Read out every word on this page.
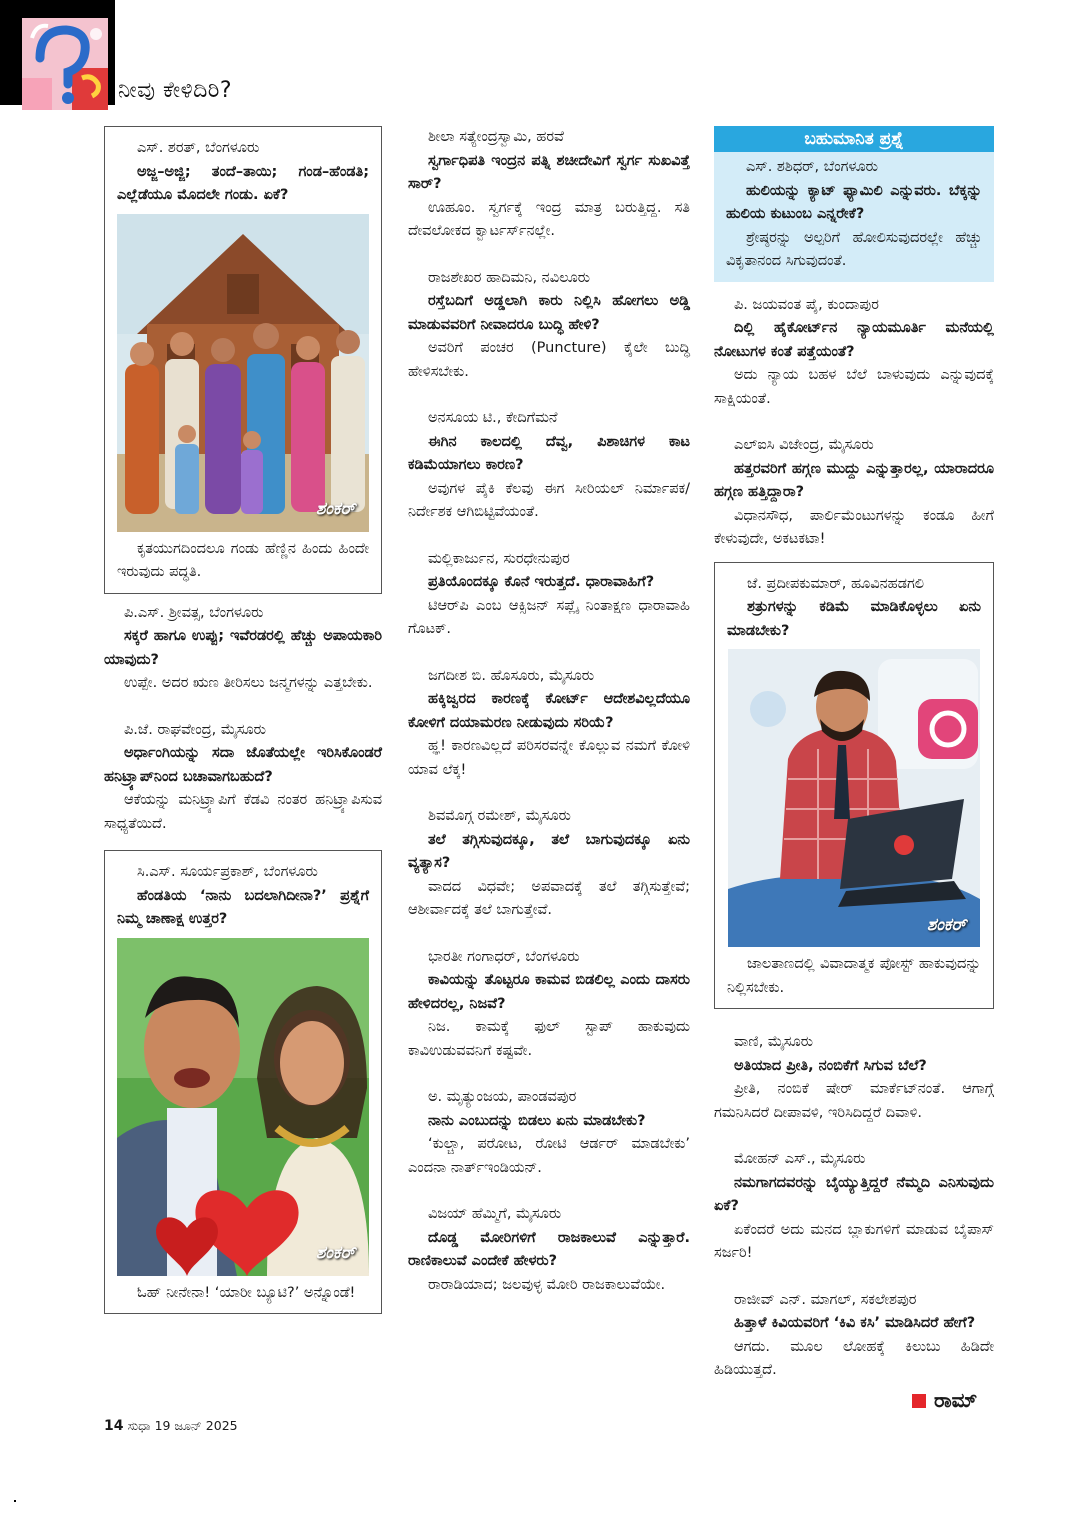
ನೀವು ಕೇಳಿದಿರಿ?
ಎಸ್. ಶರತ್, ಬೆಂಗಳೂರು
ಅಜ್ಜ–ಅಜ್ಜಿ; ತಂದೆ–ತಾಯಿ; ಗಂಡ–ಹೆಂಡತಿ; ಎಲ್ಲೆಡೆಯೂ ಮೊದಲೇ ಗಂಡು. ಏಕೆ?
ಶಂಕರ್
ಕೃತಯುಗದಿಂದಲೂ ಗಂಡು ಹೆಣ್ಣಿನ ಹಿಂದು ಹಿಂದೇ ಇರುವುದು ಪದ್ಧತಿ.
ಪಿ.ಎಸ್. ಶ್ರೀವತ್ಸ, ಬೆಂಗಳೂರು
ಸಕ್ಕರೆ ಹಾಗೂ ಉಪ್ಪು; ಇವೆರಡರಲ್ಲಿ ಹೆಚ್ಚು ಅಪಾಯಕಾರಿ ಯಾವುದು?
ಉಪ್ಪೇ. ಅದರ ಋಣ ತೀರಿಸಲು ಜನ್ಮಗಳನ್ನು ಎತ್ತಬೇಕು.
ಪಿ.ಜೆ. ರಾಘವೇಂದ್ರ, ಮೈಸೂರು
ಅರ್ಧಾಂಗಿಯನ್ನು ಸದಾ ಜೊತೆಯಲ್ಲೇ ಇರಿಸಿಕೊಂಡರೆ ಹನಿಟ್ರ್ಯಾಪ್‌ನಿಂದ ಬಚಾವಾಗಬಹುದೆ?
ಆಕೆಯನ್ನು ಮನಿಟ್ರ್ಯಾಪಿಗೆ ಕೆಡವಿ ನಂತರ ಹನಿಟ್ರ್ಯಾಪಿಸುವ ಸಾಧ್ಯತೆಯಿದೆ.
ಸಿ.ಎಸ್. ಸೂರ್ಯಪ್ರಕಾಶ್, ಬೆಂಗಳೂರು
ಹೆಂಡತಿಯ ‘ನಾನು ಬದಲಾಗಿದೀನಾ?’ ಪ್ರಶ್ನೆಗೆ ನಿಮ್ಮ ಚಾಣಾಕ್ಷ ಉತ್ತರ?
ಶಂಕರ್
ಓಹ್ ನೀನೇನಾ! ‘ಯಾರೀ ಬ್ಯೂಟಿ?’ ಅನ್ನೊಂಡೆ!
ಶೀಲಾ ಸತ್ಯೇಂದ್ರಸ್ವಾಮಿ, ಹರವೆ
ಸ್ವರ್ಗಾಧಿಪತಿ ಇಂದ್ರನ ಪತ್ನಿ ಶಚೀದೇವಿಗೆ ಸ್ವರ್ಗ ಸುಖವಿತ್ತೆ ಸಾರ್?
ಊಹೂಂ. ಸ್ವರ್ಗಕ್ಕೆ ಇಂದ್ರ ಮಾತ್ರ ಬರುತ್ತಿದ್ದ. ಸತಿ ದೇವಲೋಕದ ಕ್ವಾರ್ಟರ್ಸ್‌ನಲ್ಲೇ.
ರಾಜಶೇಖರ ಹಾದಿಮನಿ, ನವಿಲೂರು
ರಸ್ತೆಬದಿಗೆ ಅಡ್ಡಲಾಗಿ ಕಾರು ನಿಲ್ಲಿಸಿ ಹೋಗಲು ಅಡ್ಡಿ ಮಾಡುವವರಿಗೆ ನೀವಾದರೂ ಬುದ್ಧಿ ಹೇಳಿ?
ಅವರಿಗೆ ಪಂಚರ (Puncture) ಕೈಲೇ ಬುದ್ಧಿ ಹೇಳಿಸಬೇಕು.
ಅನಸೂಯ ಟಿ., ಕೇದಿಗೆಮನೆ
ಈಗಿನ ಕಾಲದಲ್ಲಿ ದೆವ್ವ, ಪಿಶಾಚಿಗಳ ಕಾಟ ಕಡಿಮೆಯಾಗಲು ಕಾರಣ?
ಅವುಗಳ ಪೈಕಿ ಕೆಲವು ಈಗ ಸೀರಿಯಲ್ ನಿರ್ಮಾಪಕ/ನಿರ್ದೇಶಕ ಆಗಿಬಿಟ್ಟಿವೆಯಂತೆ.
ಮಲ್ಲಿಕಾರ್ಜುನ, ಸುರಧೇನುಪುರ
ಪ್ರತಿಯೊಂದಕ್ಕೂ ಕೊನೆ ಇರುತ್ತದೆ. ಧಾರಾವಾಹಿಗೆ?
ಟಿಆರ್‌ಪಿ ಎಂಬ ಆಕ್ಸಿಜನ್ ಸಪ್ಲೈ ನಿಂತಾಕ್ಷಣ ಧಾರಾವಾಹಿ ಗೊಟಕ್.
ಜಗದೀಶ ಬಿ. ಹೊಸೂರು, ಮೈಸೂರು
ಹಕ್ಕಿಜ್ವರದ ಕಾರಣಕ್ಕೆ ಕೋರ್ಟ್ ಆದೇಶವಿಲ್ಲದೆಯೂ ಕೋಳಿಗೆ ದಯಾಮರಣ ನೀಡುವುದು ಸರಿಯೆ?
ಹ್ಞ! ಕಾರಣವಿಲ್ಲದೆ ಪರಿಸರವನ್ನೇ ಕೊಲ್ಲುವ ನಮಗೆ ಕೋಳಿ ಯಾವ ಲೆಕ್ಕ!
ಶಿವಮೊಗ್ಗ ರಮೇಶ್, ಮೈಸೂರು
ತಲೆ ತಗ್ಗಿಸುವುದಕ್ಕೂ, ತಲೆ ಬಾಗುವುದಕ್ಕೂ ಏನು ವ್ಯತ್ಯಾಸ?
ವಾದದ ವಿಧವೇ; ಅಪವಾದಕ್ಕೆ ತಲೆ ತಗ್ಗಿಸುತ್ತೇವೆ; ಆಶೀರ್ವಾದಕ್ಕೆ ತಲೆ ಬಾಗುತ್ತೇವೆ.
ಭಾರತೀ ಗಂಗಾಧರ್, ಬೆಂಗಳೂರು
ಕಾವಿಯನ್ನು ತೊಟ್ಟರೂ ಕಾಮವ ಬಿಡಲಿಲ್ಲ ಎಂದು ದಾಸರು ಹೇಳಿದರಲ್ಲ, ನಿಜವೆ?
ನಿಜ. ಕಾಮಕ್ಕೆ ಫುಲ್ ಸ್ಟಾಪ್ ಹಾಕುವುದು ಕಾವಿಉಡುವವನಿಗೆ ಕಷ್ಟವೇ.
ಅ. ಮೃತ್ಯುಂಜಯ, ಪಾಂಡವಪುರ
ನಾನು ಎಂಬುದನ್ನು ಬಿಡಲು ಏನು ಮಾಡಬೇಕು?
‘ಕುಲ್ಚಾ, ಪರೋಟ, ರೋಟಿ ಆರ್ಡರ್ ಮಾಡಬೇಕು’ ಎಂದನಾ ನಾರ್ತ್‌ಇಂಡಿಯನ್.
ವಿಜಯ್ ಹೆಮ್ಮಿಗೆ, ಮೈಸೂರು
ದೊಡ್ಡ ಮೋರಿಗಳಿಗೆ ರಾಜಕಾಲುವೆ ಎನ್ನುತ್ತಾರೆ. ರಾಣಿಕಾಲುವೆ ಎಂದೇಕೆ ಹೇಳರು?
ರಾರಾಡಿಯಾದ; ಜಲವುಳ್ಳ ಮೋರಿ ರಾಜಕಾಲುವೆಯೇ.
ಬಹುಮಾನಿತ ಪ್ರಶ್ನೆ
ಎಸ್. ಶಶಿಧರ್, ಬೆಂಗಳೂರು
ಹುಲಿಯನ್ನು ಕ್ಯಾಟ್ ಫ್ಯಾಮಿಲಿ ಎನ್ನುವರು. ಬೆಕ್ಕನ್ನು ಹುಲಿಯ ಕುಟುಂಬ ಎನ್ನರೇಕೆ?
ಶ್ರೇಷ್ಠರನ್ನು ಅಲ್ಪರಿಗೆ ಹೋಲಿಸುವುದರಲ್ಲೇ ಹೆಚ್ಚು ವಿಕೃತಾನಂದ ಸಿಗುವುದಂತೆ.
ಪಿ. ಜಯವಂತ ಪೈ, ಕುಂದಾಪುರ
ದಿಲ್ಲಿ ಹೈಕೋರ್ಟ್‌ನ ನ್ಯಾಯಮೂರ್ತಿ ಮನೆಯಲ್ಲಿ ನೋಟುಗಳ ಕಂತೆ ಪತ್ತೆಯಂತೆ?
ಅದು ನ್ಯಾಯ ಬಹಳ ಬೆಲೆ ಬಾಳುವುದು ಎನ್ನುವುದಕ್ಕೆ ಸಾಕ್ಷಿಯಂತೆ.
ಎಲ್‌ಐಸಿ ವಿಜೇಂದ್ರ, ಮೈಸೂರು
ಹತ್ತರವರಿಗೆ ಹಗ್ಗಣ ಮುದ್ದು ಎನ್ನುತ್ತಾರಲ್ಲ, ಯಾರಾದರೂ ಹಗ್ಗಣ ಹತ್ತಿದ್ದಾರಾ?
ವಿಧಾನಸೌಧ, ಪಾರ್ಲಿಮೆಂಟುಗಳನ್ನು ಕಂಡೂ ಹೀಗೆ ಕೇಳುವುದೇ, ಅಕಟಕಟಾ!
ಜೆ. ಪ್ರದೀಪಕುಮಾರ್, ಹೂವಿನಹಡಗಲಿ
ಶತ್ರುಗಳನ್ನು ಕಡಿಮೆ ಮಾಡಿಕೊಳ್ಳಲು ಏನು ಮಾಡಬೇಕು?
ಶಂಕರ್
ಜಾಲತಾಣದಲ್ಲಿ ವಿವಾದಾತ್ಮಕ ಪೋಸ್ಟ್ ಹಾಕುವುದನ್ನು ನಿಲ್ಲಿಸಬೇಕು.
ವಾಣಿ, ಮೈಸೂರು
ಅತಿಯಾದ ಪ್ರೀತಿ, ನಂಬಿಕೆಗೆ ಸಿಗುವ ಬೆಲೆ?
ಪ್ರೀತಿ, ನಂಬಿಕೆ ಷೇರ್ ಮಾರ್ಕೆಟ್‌ನಂತೆ. ಆಗಾಗ್ಗೆ ಗಮನಿಸಿದರೆ ದೀಪಾವಳಿ, ಇರಿಸಿದಿದ್ದರೆ ದಿವಾಳಿ.
ಮೋಹನ್ ಎಸ್., ಮೈಸೂರು
ನಮಗಾಗದವರನ್ನು ಬೈಯ್ಯುತ್ತಿದ್ದರೆ ನೆಮ್ಮದಿ ಎನಿಸುವುದು ಏಕೆ?
ಏಕೆಂದರೆ ಅದು ಮನದ ಬ್ಲಾಕುಗಳಿಗೆ ಮಾಡುವ ಬೈಪಾಸ್ ಸರ್ಜರಿ!
ರಾಜೀವ್ ಎನ್. ಮಾಗಲ್, ಸಕಲೇಶಪುರ
ಹಿತ್ತಾಳೆ ಕಿವಿಯವರಿಗೆ ‘ಕಿವಿ ಕಸಿ’ ಮಾಡಿಸಿದರೆ ಹೇಗೆ?
ಆಗದು. ಮೂಲ ಲೋಹಕ್ಕೆ ಕಿಲುಬು ಹಿಡಿದೇ ಹಿಡಿಯುತ್ತದೆ.
ರಾಮ್
14 ಸುಧಾ 19 ಜೂನ್ 2025
